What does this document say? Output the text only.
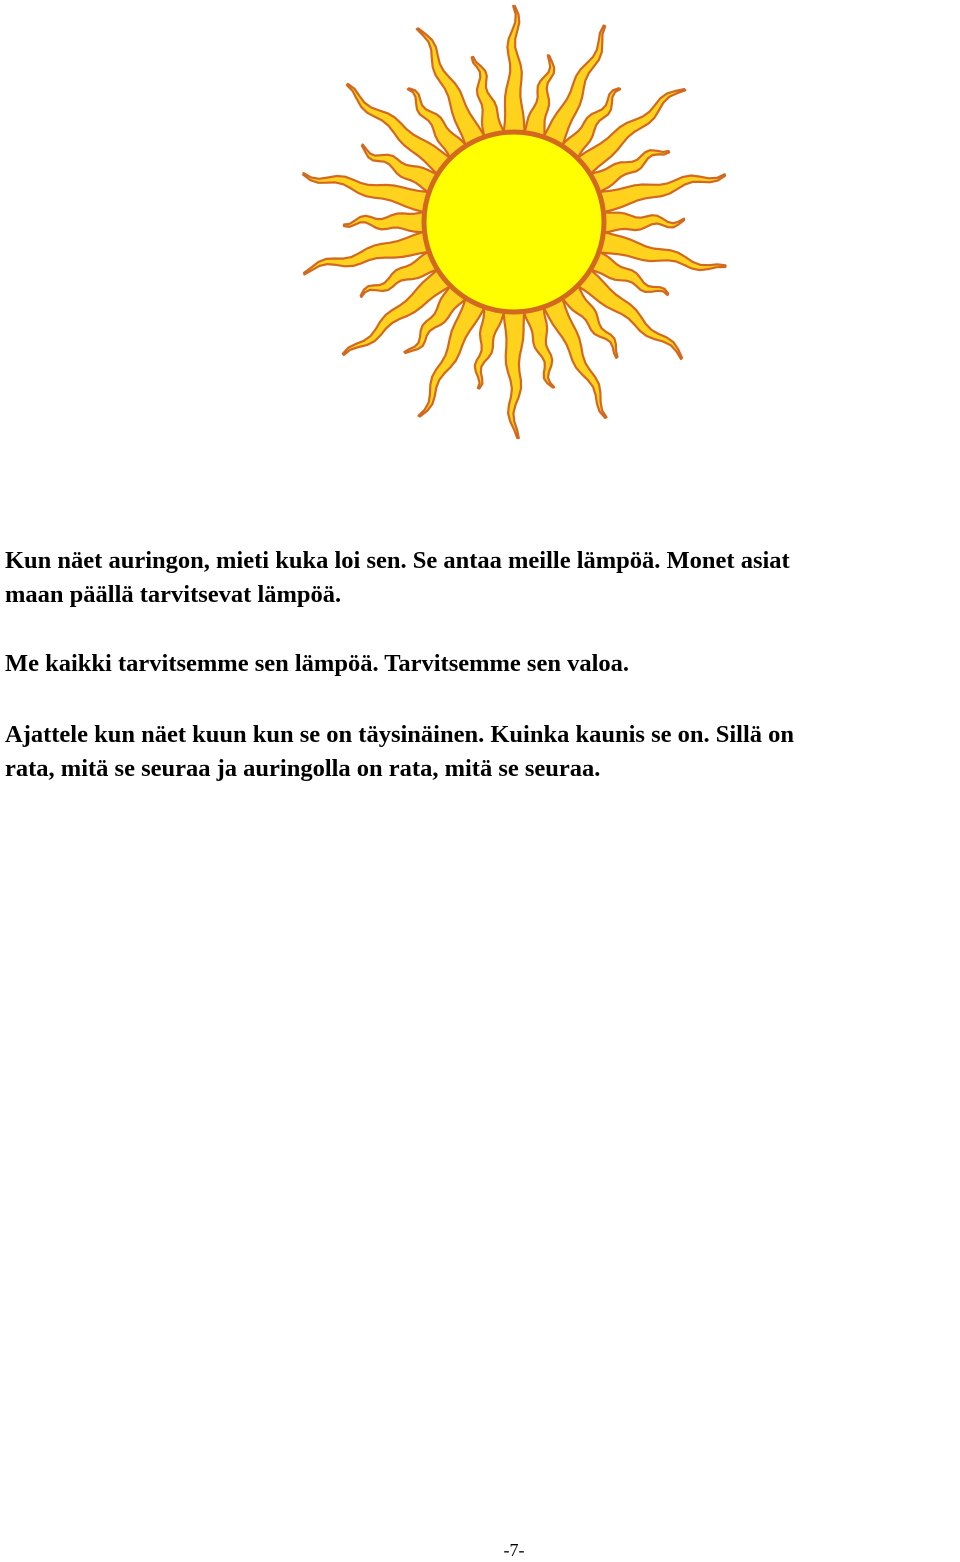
Kun näet auringon, mieti kuka loi sen. Se antaa meille lämpöä. Monet asiat
maan päällä tarvitsevat lämpöä.

Me kaikki tarvitsemme sen lämpöä. Tarvitsemme sen valoa.

Ajattele kun näet kuun kun se on täysinäinen. Kuinka kaunis se on. Sillä on
rata, mitä se seuraa ja auringolla on rata, mitä se seuraa.

-7-
